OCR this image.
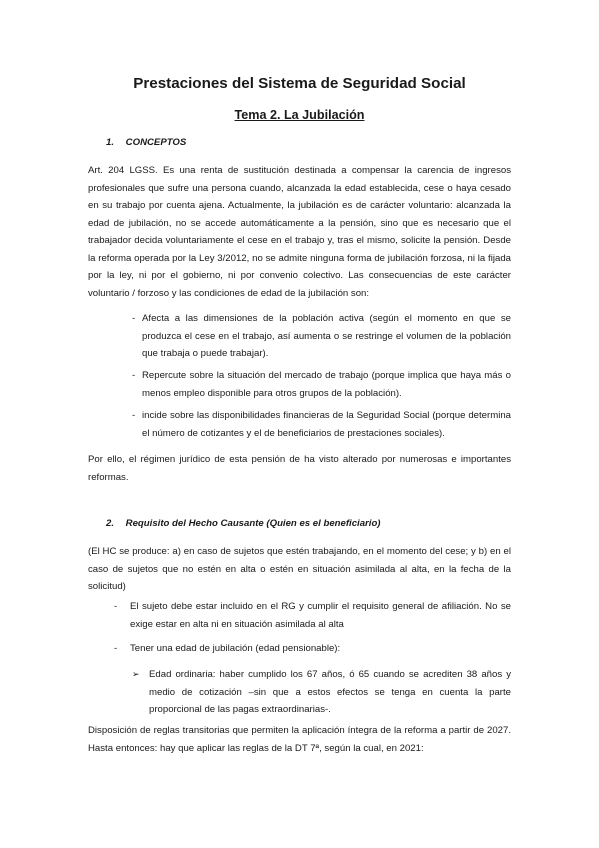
Prestaciones del Sistema de Seguridad Social
Tema 2. La Jubilación
1. CONCEPTOS
Art. 204 LGSS. Es una renta de sustitución destinada a compensar la carencia de ingresos profesionales que sufre una persona cuando, alcanzada la edad establecida, cese o haya cesado en su trabajo por cuenta ajena. Actualmente, la jubilación es de carácter voluntario: alcanzada la edad de jubilación, no se accede automáticamente a la pensión, sino que es necesario que el trabajador decida voluntariamente el cese en el trabajo y, tras el mismo, solicite la pensión. Desde la reforma operada por la Ley 3/2012, no se admite ninguna forma de jubilación forzosa, ni la fijada por la ley, ni por el gobierno, ni por convenio colectivo. Las consecuencias de este carácter voluntario / forzoso y las condiciones de edad de la jubilación son:
- Afecta a las dimensiones de la población activa (según el momento en que se produzca el cese en el trabajo, así aumenta o se restringe el volumen de la población que trabaja o puede trabajar).
- Repercute sobre la situación del mercado de trabajo (porque implica que haya más o menos empleo disponible para otros grupos de la población).
- incide sobre las disponibilidades financieras de la Seguridad Social (porque determina el número de cotizantes y el de beneficiarios de prestaciones sociales).
Por ello, el régimen jurídico de esta pensión de ha visto alterado por numerosas e importantes reformas.
2. Requisito del Hecho Causante (Quien es el beneficiario)
(El HC se produce: a) en caso de sujetos que estén trabajando, en el momento del cese; y b) en el caso de sujetos que no estén en alta o estén en situación asimilada al alta, en la fecha de la solicitud)
- El sujeto debe estar incluido en el RG y cumplir el requisito general de afiliación. No se exige estar en alta ni en situación asimilada al alta
- Tener una edad de jubilación (edad pensionable):
➢ Edad ordinaria: haber cumplido los 67 años, ó 65 cuando se acrediten 38 años y medio de cotización –sin que a estos efectos se tenga en cuenta la parte proporcional de las pagas extraordinarias-.
Disposición de reglas transitorias que permiten la aplicación íntegra de la reforma a partir de 2027. Hasta entonces: hay que aplicar las reglas de la DT 7ª, según la cual, en 2021:
